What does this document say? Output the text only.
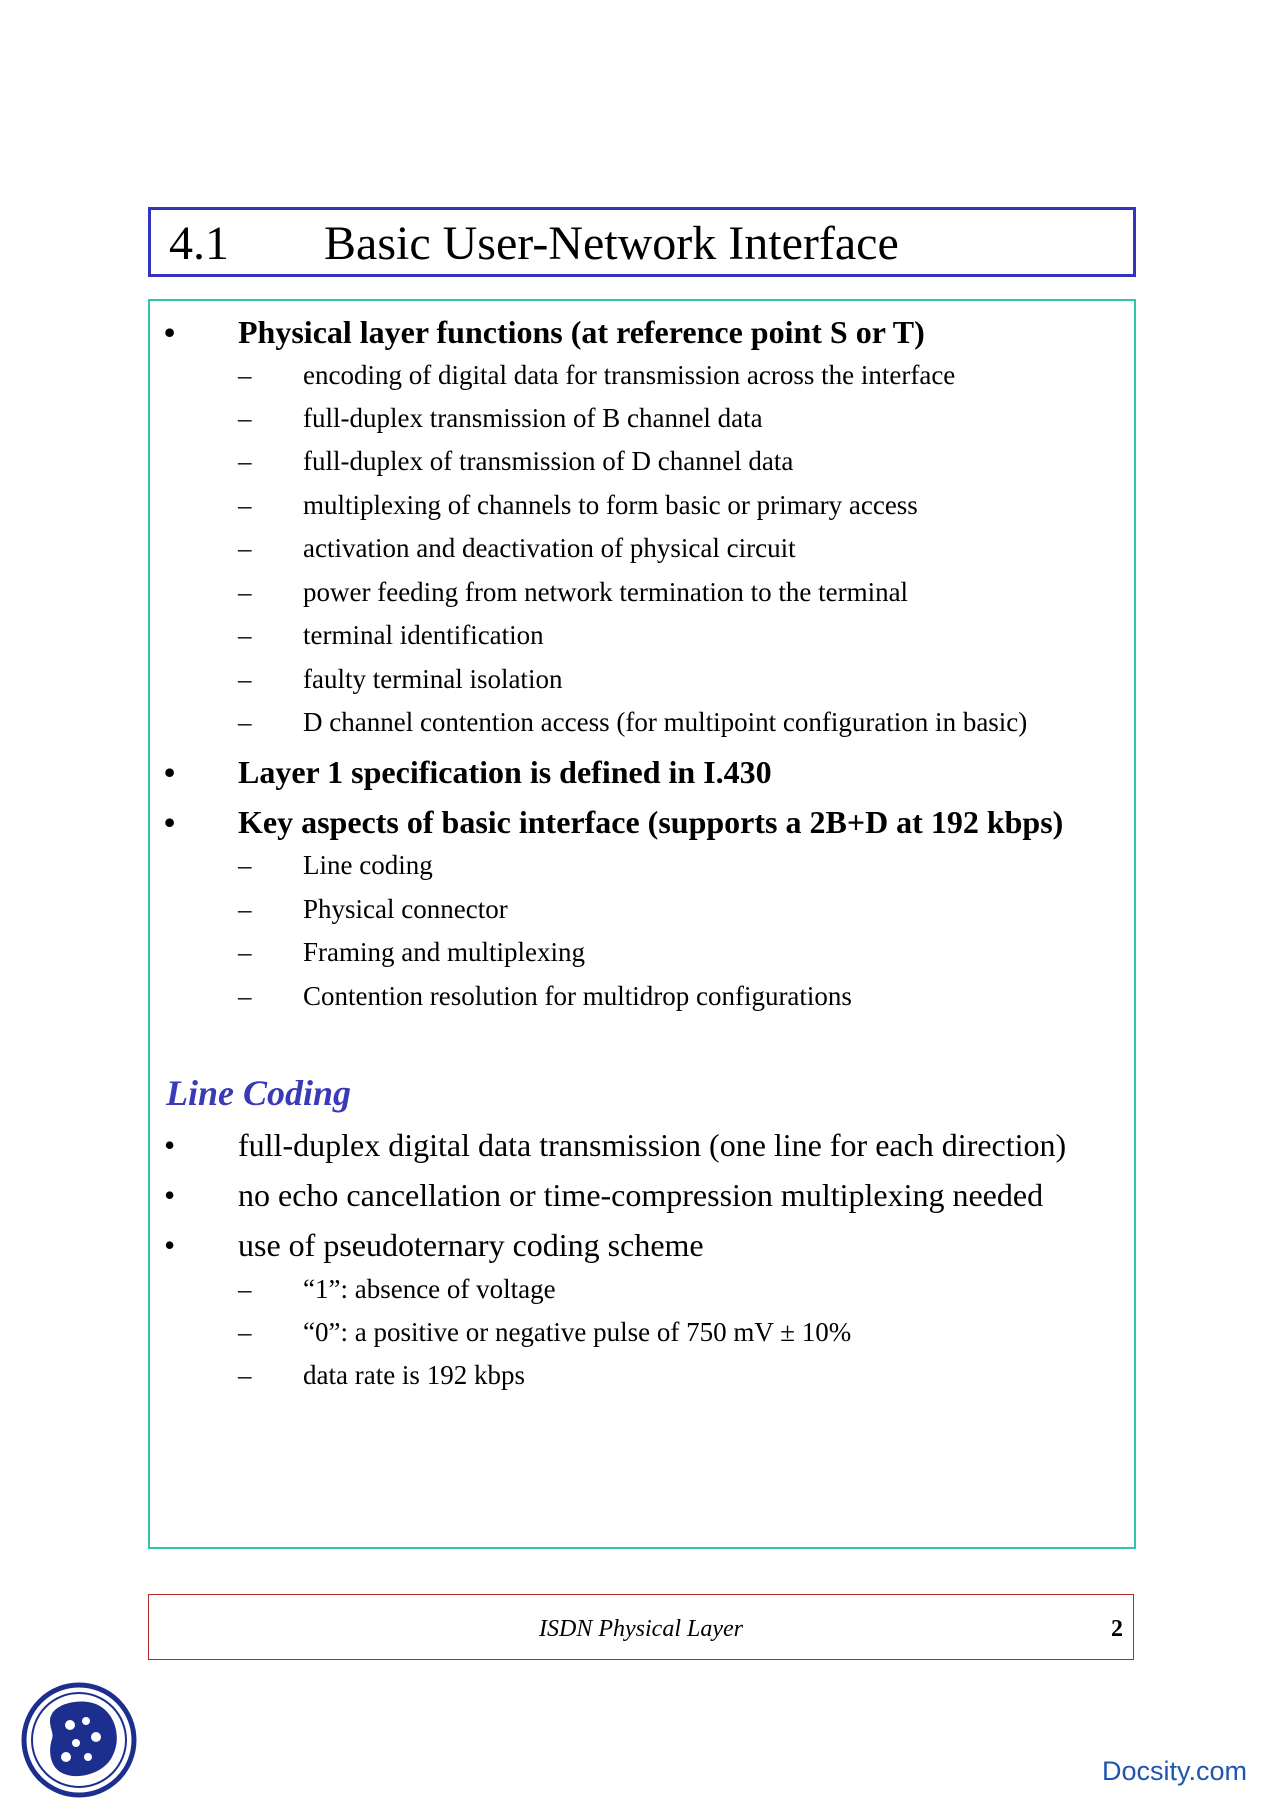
4.1 Basic User-Network Interface
•	Physical layer functions (at reference point S or T)
– encoding of digital data for transmission across the interface
– full-duplex transmission of B channel data
– full-duplex of transmission of D channel data
– multiplexing of channels to form basic or primary access
– activation and deactivation of physical circuit
– power feeding from network termination to the terminal
– terminal identification
– faulty terminal isolation
– D channel contention access (for multipoint configuration in basic)
•	Layer 1 specification is defined in I.430
•	Key aspects of basic interface (supports a 2B+D at 192 kbps)
– Line coding
– Physical connector
– Framing and multiplexing
– Contention resolution for multidrop configurations
Line Coding
•	full-duplex digital data transmission (one line for each direction)
•	no echo cancellation or time-compression multiplexing needed
•	use of pseudoternary coding scheme
– “1”: absence of voltage
– “0”: a positive or negative pulse of 750 mV ± 10%
– data rate is 192 kbps
ISDN Physical Layer	2
Docsity.com
